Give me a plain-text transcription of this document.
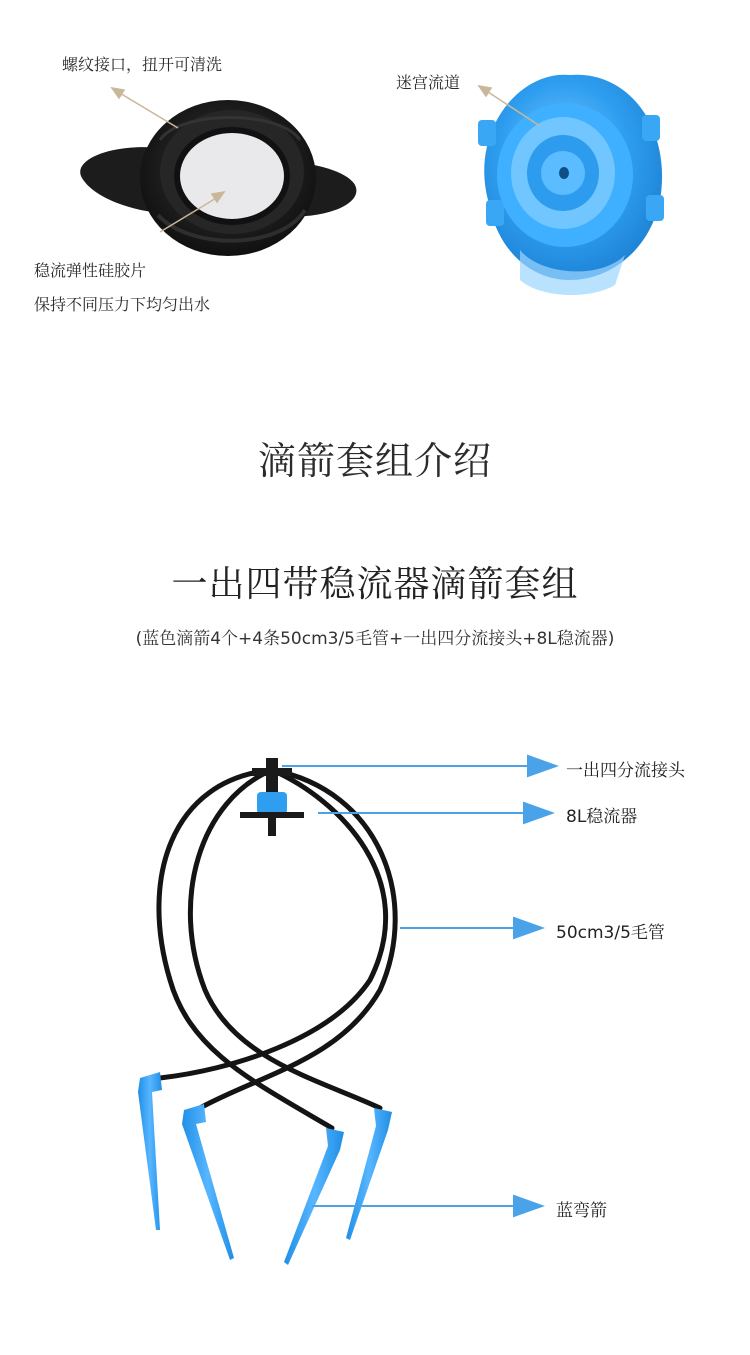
螺纹接口，扭开可清洗
迷宫流道
稳流弹性硅胶片
保持不同压力下均匀出水
滴箭套组介绍
一出四带稳流器滴箭套组
(蓝色滴箭4个+4条50cm3/5毛管+一出四分流接头+8L稳流器)
一出四分流接头
8L稳流器
50cm3/5毛管
蓝弯箭
